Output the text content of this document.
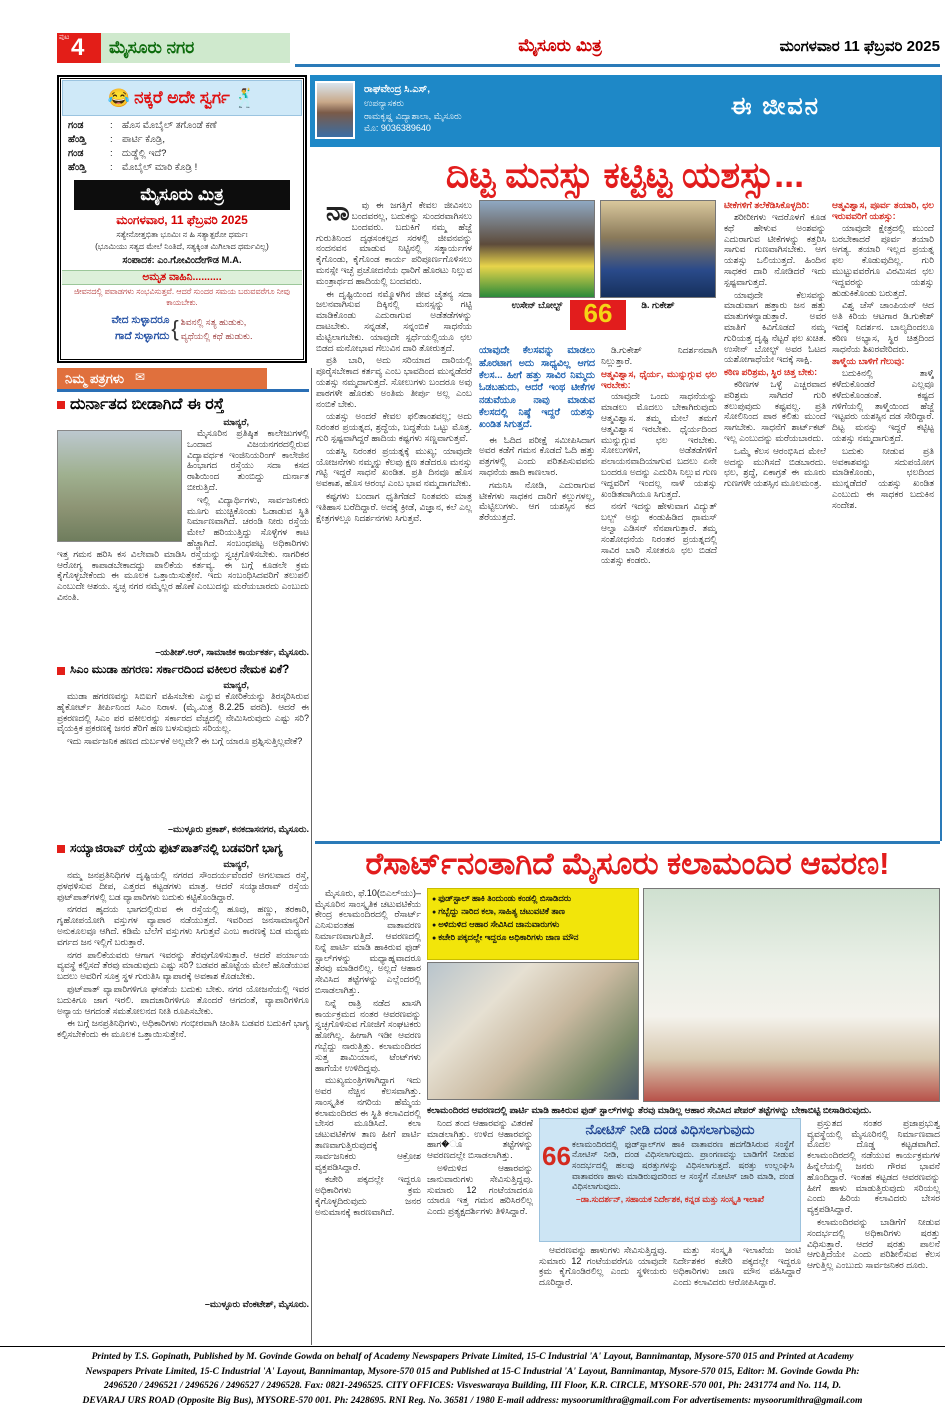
ಮೈಸೂರು ನಗರ
ಪುಟ 4	ಮೈಸೂರು ಮಿತ್ರ	ಮಂಗಳವಾರ 11 ಫೆಬ್ರವರಿ 2025
😂 ನಕ್ಕರೆ ಅದೇ ಸ್ವರ್ಗ 🕺
ಗಂಡ	: ಹೊಸ ಮೊಬೈಲ್ ತಗೊಂಡೆ ಕಣೆ
ಹೆಂಡ್ತಿ	: ಪಾರ್ಟಿ ಕೊಡ್ರಿ,
ಗಂಡ	: ದುಡ್ಡೆಲ್ಲಿ ಇದೆ?
ಹೆಂಡ್ತಿ	: ಮೊಬೈಲ್ ಮಾರಿ ಕೊಡ್ರಿ !
ಮೈಸೂರು ಮಿತ್ರ
ಮಂಗಳವಾರ, 11 ಫೆಬ್ರವರಿ 2025
ಸತ್ಯೇನೋತ್ತಭಿತಾ ಭೂಮಿಃ ನ ಹಿ ಸತ್ಯಾತ್ಪರೋ ಧರ್ಮಃ
(ಭೂಮಿಯು ಸತ್ಯದ ಮೇಲೆ ನಿಂತಿದೆ, ಸತ್ಯಕ್ಕಿಂತ ಮಿಗಿಲಾದ ಧರ್ಮವಿಲ್ಲ)
ಸಂಪಾದಕ: ಎಂ.ಗೋವಿಂದೇಗೌಡ M.A.
ಅಮೃತ ವಾಹಿನಿ..........
ಜೀವನದಲ್ಲಿ ಪವಾಡಗಳು ಸಂಭವಿಸುತ್ತವೆ. ಆದರೆ ಸುಂದರ ಸಮಯ ಬರುವವರೆಗೂ ನೀವು ಕಾಯಬೇಕು.
ವೇದ ಸುಳ್ಳಾದರೂ
ಗಾದೆ ಸುಳ್ಳಾಗದು { ಶಿವನಲ್ಲಿ ಸತ್ಯ ಹುಡುಕು,
ವ್ಯಥೆಯಲ್ಲಿ ಕಥೆ ಹುಡುಕು.
ರಾಘವೇಂದ್ರ ಸಿ.ಎಸ್,
ಉಪನ್ಯಾಸಕರು
ರಾಮಕೃಷ್ಣ ವಿದ್ಯಾಶಾಲಾ, ಮೈಸೂರು
ಮೊ: 9036389640
ಈ ಜೀವನ
ದಿಟ್ಟ ಮನಸ್ಸು ಕಟ್ಟಿಟ್ಟ ಯಶಸ್ಸು...

ನಾವು ಈ ಜಗತ್ತಿಗೆ ಕೇವಲ ಜೀವಿಸಲು ಬಂದವರಲ್ಲ, ಬದುಕನ್ನು ಸುಂದರವಾಗಿಸಲು ಬಂದವರು. ಬದುಕಿಗೆ ನಮ್ಮ ಹೆಜ್ಜೆ ಗುರುತಿನಿಂದ ದೃಢಸಂಕಲ್ಪದ ಸರಳಲ್ಲಿ ಜೀವನವನ್ನು ನಂದನವನ ಮಾಡುವ ನಿಟ್ಟಿನಲ್ಲಿ ಸತ್ಕಾರ್ಯಗಳ ಕೈಗೊಂಡು, ಕೈಗೊಂಡ ಕಾರ್ಯ ಪರಿಪೂರ್ಣಗೊಳಿಸಲು ಮನಸ್ಸೇ ಇಚ್ಛೆ ಪ್ರಚೋದನೆಯ ಧಾರಿಗೆ ಹೊರಟು ನಿಲ್ಲುವ ಮಂತ್ರಾರ್ಥದ ಹಾದಿಯಲ್ಲಿ ಬಂದವರು.

ಈ ದೃಷ್ಟಿಯಿಂದ ನಮ್ಮೊಳಗಿನ ಜೀವ ಚೈತನ್ಯ ಸದಾ ಜಲನವಾಗಿಸುವ ದಿಕ್ಕಿನಲ್ಲಿ ಮನಸ್ಸನ್ನು ಗಟ್ಟಿ ಮಾಡಿಕೊಂಡು ಎದುರಾಗುವ ಅಡೆತಡೆಗಳನ್ನು ದಾಟಬೇಕು. ಸನ್ನಡತೆ, ಸನ್ನಂಬಿಕೆ ಸಾಧನೆಯ ಮೆಟ್ಟಿಲಾಗಬೇಕು. ಯಾವುದೇ ಸ್ಪರ್ಧೆಯಲ್ಲಿಯೂ ಛಲ ಬಿಡದ ಮನೋಭಾವ ಗೆಲುವಿನ ದಾರಿ ತೋರುತ್ತದೆ.

ಪ್ರತಿ ಬಾರಿ, ಅದು ಸರಿಯಾದ ದಾರಿಯಲ್ಲಿ ಪೂರೈಸಬೇಕಾದ ಕರ್ತವ್ಯ ಎಂಬ ಭಾವದಿಂದ ಮುನ್ನಡೆದರೆ ಯಶಸ್ಸು ನಮ್ಮದಾಗುತ್ತದೆ. ಸೋಲುಗಳು ಬಂದರೂ ಅವು ಪಾಠಗಳೇ ಹೊರತು ಅಂತಿಮ ತೀರ್ಪು ಅಲ್ಲ ಎಂಬ ನಂಬಿಕೆ ಬೇಕು.

ಯಶಸ್ಸು ಅಂದರೆ ಕೇವಲ ಫಲಿತಾಂಶವಲ್ಲ; ಅದು ನಿರಂತರ ಪ್ರಯತ್ನದ, ಶ್ರದ್ಧೆಯ, ಬದ್ಧತೆಯ ಒಟ್ಟು ಮೊತ್ತ. ಗುರಿ ಸ್ಪಷ್ಟವಾಗಿದ್ದರೆ ಹಾದಿಯ ಕಷ್ಟಗಳು ಸಣ್ಣವಾಗುತ್ತವೆ.

ಯಶಸ್ವಿ ನಿರಂತರ ಪ್ರಯತ್ನಕ್ಕೆ ಮುಖ್ಯ; ಯಾವುದೇ ಯೋಜನೆಗಳು ನಮ್ಮನ್ನು ಕೆಲವು ಕ್ಷಣ ತಡೆದರೂ ಮನಸ್ಸು ಗಟ್ಟಿ ಇದ್ದರೆ ಸಾಧನೆ ಖಂಡಿತ. ಪ್ರತಿ ದಿನವೂ ಹೊಸ ಅವಕಾಶ, ಹೊಸ ಆರಂಭ ಎಂಬ ಭಾವ ನಮ್ಮದಾಗಬೇಕು.

ಕಷ್ಟಗಳು ಬಂದಾಗ ಧೃತಿಗೆಡದೆ ನಿಂತವರು ಮಾತ್ರ ಇತಿಹಾಸ ಬರೆದಿದ್ದಾರೆ. ಅದಕ್ಕೆ ಕ್ರೀಡೆ, ವಿಜ್ಞಾನ, ಕಲೆ ಎಲ್ಲ ಕ್ಷೇತ್ರಗಳಲ್ಲೂ ನಿದರ್ಶನಗಳು ಸಿಗುತ್ತವೆ.

ಉಸೇನ್ ಬೋಲ್ಟ್	ಡಿ. ಗುಕೇಶ್
66

ಯಾವುದೇ ಕೆಲಸವನ್ನು ಮಾಡಲು ಹೊರಟಾಗ ಅದು ಸಾಧ್ಯವಿಲ್ಲ ಆಗದ ಕೆಲಸ... ಹೀಗೆ ಹತ್ತು ಸಾವಿರ ನಿಮ್ಮದು ಓಡಬಹುದು, ಆದರೆ ಇಂಥ ಟೀಕೆಗಳ ನಡುವೆಯೂ ನಾವು ಮಾಡುವ ಕೆಲಸದಲ್ಲಿ ನಿಷ್ಠೆ ಇದ್ದರೆ ಯಶಸ್ಸು ಖಂಡಿತ ಸಿಗುತ್ತದೆ.

ಈ ಓದಿದ ಪರೀಕ್ಷೆ ಸಮೀಪಿಸಿದಾಗ ಅವರ ಕಡೆಗೆ ಗಮನ ಕೊಡದೆ ಓದಿ ಹತ್ತು ಪತ್ರಗಳಲ್ಲಿ ಎಂದು ಪರಿತಪಿಸುವವನು ಸಾಧನೆಯ ಹಾದಿ ಕಾಣಲಾರ.

ಗಮನಿಸಿ ನೋಡಿ, ಎದುರಾಗುವ ಟೀಕೆಗಳು ಸಾಧಕನ ದಾರಿಗೆ ಕಲ್ಲುಗಳಲ್ಲ, ಮೆಟ್ಟಿಲುಗಳು. ಆಗ ಯಶಸ್ಸಿನ ಕದ ತೆರೆಯುತ್ತದೆ.

ಡಿ.ಗುಕೇಶ್ ನಿದರ್ಶನವಾಗಿ ನಿಲ್ಲುತ್ತಾರೆ.

ಆತ್ಮವಿಶ್ವಾಸ, ಧೈರ್ಯ, ಮುನ್ನುಗ್ಗುವ ಛಲ ಇರಬೇಕು:

ಯಾವುದೇ ಒಂದು ಸಾಧನೆಯನ್ನು ಮಾಡಲು ಮೊದಲು ಬೇಕಾಗಿರುವುದು ಆತ್ಮವಿಶ್ವಾಸ. ತಮ್ಮ ಮೇಲೆ ತಮಗೆ ಆತ್ಮವಿಶ್ವಾಸ ಇರಬೇಕು. ಧೈರ್ಯದಿಂದ ಮುನ್ನುಗ್ಗುವ ಛಲ ಇರಬೇಕು. ಸೋಲುಗಳಿಗೆ, ಅಡೆತಡೆಗಳಿಗೆ ಪಲಾಯನವಾದಿಯಾಗುವ ಬದಲು ಏನೇ ಬಂದರೂ ಅದನ್ನು ಎದುರಿಸಿ ನಿಲ್ಲುವ ಗುಣ ಇದ್ದವರಿಗೆ ಇಂದಲ್ಲ ನಾಳೆ ಯಶಸ್ಸು ಖಂಡಿತವಾಗಿಯೂ ಸಿಗುತ್ತದೆ.

ನನಗೆ ಇದನ್ನು ಹೇಳುವಾಗ ವಿದ್ಯುತ್ ಬಲ್ಬ್ ಅನ್ನು ಕಂಡುಹಿಡಿದ ಥಾಮಸ್ ಆಲ್ವಾ ಎಡಿಸನ್ ನೆನಪಾಗುತ್ತಾರೆ. ತಮ್ಮ ಸಂಶೋಧನೆಯ ನಿರಂತರ ಪ್ರಯತ್ನದಲ್ಲಿ ಸಾವಿರ ಬಾರಿ ಸೋತರೂ ಛಲ ಬಿಡದೆ ಯಶಸ್ಸು ಕಂಡರು.

ಟೀಕೆಗಳಿಗೆ ತಲೆಕೆಡಿಸಿಕೊಳ್ಳದಿರಿ:

ಶರೀರೀಗಳು ಇದರೊಳಗೆ ಕೂಡ ಕಥೆ ಹೇಳುವ ಅಂಶವನ್ನು ಎದುರಾಗುವ ಟೀಕೆಗಳನ್ನು ಕತ್ತರಿಸಿ ಸಾಗುವ ಗುಣವಾಗಿಸಬೇಕು. ಆಗ ಯಶಸ್ಸು ಒಲಿಯುತ್ತದೆ. ಹಿಂದಿನ ಸಾಧಕರ ದಾರಿ ನೋಡಿದರೆ ಇದು ಸ್ಪಷ್ಟವಾಗುತ್ತದೆ.

ಯಾವುದೇ ಕೆಲಸವನ್ನು ಮಾಡುವಾಗ ಹತ್ತಾರು ಜನ ಹತ್ತು ಮಾತುಗಳನ್ನಾಡುತ್ತಾರೆ. ಅವರ ಮಾತಿಗೆ ಕಿವಿಗೊಡದೆ ನಮ್ಮ ಗುರಿಯತ್ತ ದೃಷ್ಟಿ ನೆಟ್ಟರೆ ಫಲ ಖಚಿತ. ಉಸೇನ್ ಬೋಲ್ಟ್ ಅವರ ಓಟದ ಯಶೋಗಾಥೆಯೇ ಇದಕ್ಕೆ ಸಾಕ್ಷಿ.

ಕಠಿಣ ಪರಿಶ್ರಮ, ಸ್ಥಿರ ಚಿತ್ತ ಬೇಕು:

ಕಠಿಣಗಳ ಒಳ್ಳೆ ಎಚ್ಚರವಾದ ಪರಿಶ್ರಮ ಸಾಗಿದರೆ ಗುರಿ ತಲುಪುವುದು ಕಷ್ಟವಲ್ಲ. ಪ್ರತಿ ಸೋಲಿನಿಂದ ಪಾಠ ಕಲಿತು ಮುಂದೆ ಸಾಗಬೇಕು. ಸಾಧನೆಗೆ ಶಾರ್ಟ್‌ಕಟ್ ಇಲ್ಲ ಎಂಬುದನ್ನು ಮರೆಯಬಾರದು.

ಒಮ್ಮೆ ಕೆಲಸ ಆರಂಭಿಸಿದ ಮೇಲೆ ಅದನ್ನು ಮುಗಿಸದೆ ಬಿಡಬಾರದು. ಛಲ, ಶ್ರದ್ಧೆ, ಏಕಾಗ್ರತೆ ಈ ಮೂರು ಗುಣಗಳೇ ಯಶಸ್ಸಿನ ಮೂಲಮಂತ್ರ.

ಆತ್ಮವಿಶ್ವಾಸ, ಪೂರ್ವ ತಯಾರಿ, ಛಲ ಇರುವವರಿಗೆ ಯಶಸ್ಸು:

ಯಾವುದೇ ಕ್ಷೇತ್ರದಲ್ಲಿ ಮುಂದೆ ಬರಬೇಕಾದರೆ ಪೂರ್ವ ತಯಾರಿ ಅಗತ್ಯ. ತಯಾರಿ ಇಲ್ಲದ ಪ್ರಯತ್ನ ಫಲ ಕೊಡುವುದಿಲ್ಲ. ಗುರಿ ಮುಟ್ಟುವವರೆಗೂ ವಿರಮಿಸದ ಛಲ ಇದ್ದವರನ್ನು ಯಶಸ್ಸು ಹುಡುಕಿಕೊಂಡು ಬರುತ್ತದೆ.

ವಿಶ್ವ ಚೆಸ್ ಚಾಂಪಿಯನ್ ಆದ ಅತಿ ಕಿರಿಯ ಆಟಗಾರ ಡಿ.ಗುಕೇಶ್ ಇದಕ್ಕೆ ನಿದರ್ಶನ. ಬಾಲ್ಯದಿಂದಲೂ ಕಠಿಣ ಅಭ್ಯಾಸ, ಸ್ಥಿರ ಚಿತ್ತದಿಂದ ಸಾಧನೆಯ ಶಿಖರವೇರಿದರು.

ತಾಳ್ಮೆಯ ಬಾಳಿಗೆ ಗೆಲುವು:

ಬದುಕಿನಲ್ಲಿ ತಾಳ್ಮೆ ಕಳೆದುಕೊಂಡರೆ ಎಲ್ಲವೂ ಕಳೆದುಕೊಂಡಂತೆ. ಕಷ್ಟದ ಗಳಿಗೆಯಲ್ಲಿ ತಾಳ್ಮೆಯಿಂದ ಹೆಜ್ಜೆ ಇಟ್ಟವರು ಯಶಸ್ಸಿನ ದಡ ಸೇರಿದ್ದಾರೆ. ದಿಟ್ಟ ಮನಸ್ಸು ಇದ್ದರೆ ಕಟ್ಟಿಟ್ಟ ಯಶಸ್ಸು ನಮ್ಮದಾಗುತ್ತದೆ.

ಬದುಕು ನೀಡುವ ಪ್ರತಿ ಅವಕಾಶವನ್ನು ಸದುಪಯೋಗ ಮಾಡಿಕೊಂಡು, ಛಲದಿಂದ ಮುನ್ನಡೆದರೆ ಯಶಸ್ಸು ಖಂಡಿತ ಎಂಬುದು ಈ ಸಾಧಕರ ಬದುಕಿನ ಸಂದೇಶ.

ನಿಮ್ಮ ಪತ್ರಗಳು ✉
ದುರ್ನಾತದ ಬೀಡಾಗಿದೆ ಈ ರಸ್ತೆ
ಮಾನ್ಯರೆ,

ಮೈಸೂರಿನ ಪ್ರತಿಷ್ಠಿತ ಕಾಲೇಜುಗಳಲ್ಲಿ ಒಂದಾದ ವಿಜಯನಗರದಲ್ಲಿರುವ ವಿದ್ಯಾವರ್ಧಕ ಇಂಜಿನಿಯರಿಂಗ್ ಕಾಲೇಜಿನ ಹಿಂಭಾಗದ ರಸ್ತೆಯು ಸದಾ ಕಸದ ರಾಶಿಯಿಂದ ತುಂಬಿದ್ದು ದುರ್ನಾತ ಬೀರುತ್ತಿದೆ.

ಇಲ್ಲಿ ವಿದ್ಯಾರ್ಥಿಗಳು, ಸಾರ್ವಜನಿಕರು ಮೂಗು ಮುಚ್ಚಿಕೊಂಡು ಓಡಾಡುವ ಸ್ಥಿತಿ ನಿರ್ಮಾಣವಾಗಿದೆ. ಚರಂಡಿ ನೀರು ರಸ್ತೆಯ ಮೇಲೆ ಹರಿಯುತ್ತಿದ್ದು ಸೊಳ್ಳೆಗಳ ಕಾಟ ಹೆಚ್ಚಾಗಿದೆ. ಸಂಬಂಧಪಟ್ಟ ಅಧಿಕಾರಿಗಳು ಇತ್ತ ಗಮನ ಹರಿಸಿ ಕಸ ವಿಲೇವಾರಿ ಮಾಡಿಸಿ ರಸ್ತೆಯನ್ನು ಸ್ವಚ್ಛಗೊಳಿಸಬೇಕು. ನಾಗರಿಕರ ಆರೋಗ್ಯ ಕಾಪಾಡಬೇಕಾದದ್ದು ಪಾಲಿಕೆಯ ಕರ್ತವ್ಯ. ಈ ಬಗ್ಗೆ ಕೂಡಲೇ ಕ್ರಮ ಕೈಗೊಳ್ಳಬೇಕೆಂದು ಈ ಮೂಲಕ ಒತ್ತಾಯಿಸುತ್ತೇನೆ. ಇದು ಸಂಬಂಧಿಸಿದವರಿಗೆ ತಲುಪಲಿ ಎಂಬುದೇ ಆಶಯ. ಸ್ವಚ್ಛ ನಗರ ನಮ್ಮೆಲ್ಲರ ಹೊಣೆ ಎಂಬುದನ್ನು ಮರೆಯಬಾರದು ಎಂಬುದು ವಿನಂತಿ.

–ಯತೀಶ್.ಆರ್, ಸಾಮಾಜಿಕ ಕಾರ್ಯಕರ್ತ, ಮೈಸೂರು.
ಸಿಎಂ ಮುಡಾ ಹಗರಣ: ಸರ್ಕಾರದಿಂದ ವಕೀಲರ ನೇಮಕ ಏಕೆ?
ಮಾನ್ಯರೆ,

ಮುಡಾ ಹಗರಣವನ್ನು ಸಿಬಿಐಗೆ ವಹಿಸಬೇಕು ಎನ್ನುವ ಕೋರಿಕೆಯನ್ನು ತಿರಸ್ಕರಿಸಿರುವ ಹೈಕೋರ್ಟ್ ತೀರ್ಪಿನಿಂದ ಸಿಎಂ ನಿರಾಳ. (ಮೈ.ಮಿತ್ರ 8.2.25 ವರದಿ). ಆದರೆ ಈ ಪ್ರಕರಣದಲ್ಲಿ ಸಿಎಂ ಪರ ವಕೀಲರನ್ನು ಸರ್ಕಾರದ ವೆಚ್ಚದಲ್ಲಿ ನೇಮಿಸಿರುವುದು ಎಷ್ಟು ಸರಿ? ವೈಯಕ್ತಿಕ ಪ್ರಕರಣಕ್ಕೆ ಜನರ ತೆರಿಗೆ ಹಣ ಬಳಸುವುದು ಸರಿಯಲ್ಲ.

ಇದು ಸಾರ್ವಜನಿಕ ಹಣದ ದುರ್ಬಳಕೆ ಅಲ್ಲವೇ? ಈ ಬಗ್ಗೆ ಯಾರೂ ಪ್ರಶ್ನಿಸುತ್ತಿಲ್ಲವೇಕೆ?

–ಮುಳ್ಳೂರು ಪ್ರಕಾಶ್, ಕನಕದಾಸನಗರ, ಮೈಸೂರು.
ಸಯ್ಯಾಜಿರಾವ್ ರಸ್ತೆಯ ಫುಟ್‌ಪಾತ್‌ನಲ್ಲಿ ಬಡವರಿಗೆ ಭಾಗ್ಯ
ಮಾನ್ಯರೆ,

ನಮ್ಮ ಜನಪ್ರತಿನಿಧಿಗಳ ದೃಷ್ಟಿಯಲ್ಲಿ ನಗರದ ಸೌಂದರ್ಯವೆಂದರೆ ಅಗಲವಾದ ರಸ್ತೆ, ಥಳಥಳಿಸುವ ದೀಪ, ಎತ್ತರದ ಕಟ್ಟಡಗಳು ಮಾತ್ರ. ಆದರೆ ಸಯ್ಯಾಜಿರಾವ್ ರಸ್ತೆಯ ಫುಟ್‌ಪಾತ್‌ಗಳಲ್ಲಿ ಬಡ ವ್ಯಾಪಾರಿಗಳು ಬದುಕು ಕಟ್ಟಿಕೊಂಡಿದ್ದಾರೆ.

ನಗರದ ಹೃದಯ ಭಾಗದಲ್ಲಿರುವ ಈ ರಸ್ತೆಯಲ್ಲಿ ಹೂವು, ಹಣ್ಣು, ತರಕಾರಿ, ಗೃಹೋಪಯೋಗಿ ವಸ್ತುಗಳ ವ್ಯಾಪಾರ ನಡೆಯುತ್ತದೆ. ಇವರಿಂದ ಜನಸಾಮಾನ್ಯರಿಗೆ ಅನುಕೂಲವೂ ಆಗಿದೆ. ಕಡಿಮೆ ಬೆಲೆಗೆ ವಸ್ತುಗಳು ಸಿಗುತ್ತವೆ ಎಂಬ ಕಾರಣಕ್ಕೆ ಬಡ ಮಧ್ಯಮ ವರ್ಗದ ಜನ ಇಲ್ಲಿಗೆ ಬರುತ್ತಾರೆ.

ನಗರ ಪಾಲಿಕೆಯವರು ಆಗಾಗ ಇವರನ್ನು ತೆರವುಗೊಳಿಸುತ್ತಾರೆ. ಆದರೆ ಪರ್ಯಾಯ ವ್ಯವಸ್ಥೆ ಕಲ್ಪಿಸದೆ ತೆರವು ಮಾಡುವುದು ಎಷ್ಟು ಸರಿ? ಬಡವರ ಹೊಟ್ಟೆಯ ಮೇಲೆ ಹೊಡೆಯುವ ಬದಲು ಅವರಿಗೆ ಸೂಕ್ತ ಸ್ಥಳ ಗುರುತಿಸಿ ವ್ಯಾಪಾರಕ್ಕೆ ಅವಕಾಶ ಕೊಡಬೇಕು.

ಫುಟ್‌ಪಾತ್ ವ್ಯಾಪಾರಿಗಳಿಗೂ ಘನತೆಯ ಬದುಕು ಬೇಕು. ನಗರ ಯೋಜನೆಯಲ್ಲಿ ಇವರ ಬದುಕಿಗೂ ಜಾಗ ಇರಲಿ. ಪಾದಚಾರಿಗಳಿಗೂ ತೊಂದರೆ ಆಗದಂತೆ, ವ್ಯಾಪಾರಿಗಳಿಗೂ ಅನ್ಯಾಯ ಆಗದಂತೆ ಸಮತೋಲನದ ನೀತಿ ರೂಪಿಸಬೇಕು.

ಈ ಬಗ್ಗೆ ಜನಪ್ರತಿನಿಧಿಗಳು, ಅಧಿಕಾರಿಗಳು ಗಂಭೀರವಾಗಿ ಚಿಂತಿಸಿ ಬಡವರ ಬದುಕಿಗೆ ಭಾಗ್ಯ ಕಲ್ಪಿಸಬೇಕೆಂದು ಈ ಮೂಲಕ ಒತ್ತಾಯಿಸುತ್ತೇನೆ.

–ಮುಳ್ಳೂರು ವೆಂಕಟೇಶ್, ಮೈಸೂರು.
ರೆಸಾರ್ಟ್‌ನಂತಾಗಿದೆ ಮೈಸೂರು ಕಲಾಮಂದಿರ ಆವರಣ!

ಮೈಸೂರು, ಫೆ.10(ಬಿಎಲ್‌ಯು)– ಮೈಸೂರಿನ ಸಾಂಸ್ಕೃತಿಕ ಚಟುವಟಿಕೆಯ ಕೇಂದ್ರ ಕಲಾಮಂದಿರದಲ್ಲಿ ರೆಸಾರ್ಟ್ ಎನಿಸುವಂತಹ ವಾತಾವರಣ ನಿರ್ಮಾಣವಾಗುತ್ತಿದೆ. ಆವರಣದಲ್ಲಿ ನಿನ್ನೆ ಪಾರ್ಟಿ ಮಾಡಿ ಹಾಕಿರುವ ಫುಡ್ ಸ್ಟಾಲ್‌ಗಳನ್ನು ಮಧ್ಯಾಹ್ನವಾದರೂ ತೆರವು ಮಾಡಿರಲಿಲ್ಲ. ಅಲ್ಲದೆ ಆಹಾರ ಸೇವಿಸಿದ ತಟ್ಟೆಗಳನ್ನು ಎಲ್ಲೆಂದರಲ್ಲಿ ಬಿಸಾಡಲಾಗಿತ್ತು.

ನಿನ್ನೆ ರಾತ್ರಿ ನಡೆದ ಖಾಸಗಿ ಕಾರ್ಯಕ್ರಮದ ನಂತರ ಆವರಣವನ್ನು ಸ್ವಚ್ಛಗೊಳಿಸುವ ಗೋಜಿಗೆ ಸಂಘಟಕರು ಹೋಗಿಲ್ಲ. ಹೀಗಾಗಿ ಇಡೀ ಆವರಣ ಗಬ್ಬೆದ್ದು ನಾರುತ್ತಿತ್ತು. ಕಲಾಮಂದಿರದ ಸುತ್ತ ಶಾಮಿಯಾನ, ಟೆಂಟ್‌ಗಳು ಹಾಗೆಯೇ ಉಳಿದಿದ್ದವು.

ಮುಖ್ಯಮಂತ್ರಿಗಳಾಗಿದ್ದಾಗ ಇದು ಅವರ ನೆಚ್ಚಿನ ಕೆಲಸವಾಗಿತ್ತು. ಸಾಂಸ್ಕೃತಿಕ ನಗರಿಯ ಹೆಮ್ಮೆಯ ಕಲಾಮಂದಿರದ ಈ ಸ್ಥಿತಿ ಕಲಾವಿದರಲ್ಲಿ ಬೇಸರ ಮೂಡಿಸಿದೆ. ಕಲಾ ಚಟುವಟಿಕೆಗಳ ತಾಣ ಹೀಗೆ ಪಾರ್ಟಿ ತಾಣವಾಗುತ್ತಿರುವುದಕ್ಕೆ ಸಾರ್ವಜನಿಕರು ಆಕ್ರೋಶ ವ್ಯಕ್ತಪಡಿಸಿದ್ದಾರೆ.

ಕಚೇರಿ ಪಕ್ಕದಲ್ಲೇ ಇದ್ದರೂ ಅಧಿಕಾರಿಗಳು ಕ್ರಮ ಕೈಗೊಳ್ಳದಿರುವುದು ಜನರ ಅನುಮಾನಕ್ಕೆ ಕಾರಣವಾಗಿದೆ.

● ಫುಡ್‌ಸ್ಟಾಲ್ ಹಾಕಿ ತಿಂದುಂಡು ಕಂಡಲ್ಲಿ ಬಿಸಾಡಿದರು

● ಗಬ್ಬೆದ್ದು ನಾರಿದ ಕಲಾ, ಸಾಹಿತ್ಯ ಚಟುವಟಿಕೆ ತಾಣ

● ಅಳಿದುಳಿದ ಆಹಾರ ಸೇವಿಸಿದ ಜಾನುವಾರುಗಳು

● ಕಚೇರಿ ಪಕ್ಕದಲ್ಲೇ ಇದ್ದರೂ ಅಧಿಕಾರಿಗಳು ಜಾಣ ಮೌನ

ಕಲಾಮಂದಿರದ ಆವರಣದಲ್ಲಿ ಪಾರ್ಟಿ ಮಾಡಿ ಹಾಕಿರುವ ಫುಡ್ ಸ್ಟಾಲ್‌ಗಳನ್ನು ತೆರವು ಮಾಡಿಲ್ಲ ಆಹಾರ ಸೇವಿಸಿದ ಪೇಪರ್ ತಟ್ಟೆಗಳನ್ನು ಬೇಕಾಬಿಟ್ಟಿ ಬೀಸಾಡಿರುವುದು.

ನಿಂದ ತಂದ ಆಹಾರವನ್ನು ವಿತರಣೆ ಮಾಡಲಾಗಿತ್ತು. ಉಳಿದ ಆಹಾರವನ್ನು ಹಾಗ�ೂ ತಟ್ಟೆಗಳನ್ನು ಆವರಣದಲ್ಲೇ ಬಿಸಾಡಲಾಗಿತ್ತು.

ಅಳಿದುಳಿದ ಆಹಾರವನ್ನು ಜಾನುವಾರುಗಳು ಸೇವಿಸುತ್ತಿದ್ದವು. ಸುಮಾರು 12 ಗಂಟೆಯಾದರೂ ಯಾರೂ ಇತ್ತ ಗಮನ ಹರಿಸಿರಲಿಲ್ಲ ಎಂದು ಪ್ರತ್ಯಕ್ಷದರ್ಶಿಗಳು ತಿಳಿಸಿದ್ದಾರೆ.

ನೋಟಿಸ್ ನೀಡಿ ದಂಡ ವಿಧಿಸಲಾಗುವುದು
66 ಕಲಾಮಂದಿರದಲ್ಲಿ ಫುಡ್‌ಸ್ಟಾಲ್‌ಗಳ ಹಾಕಿ ವಾತಾವರಣ ಹದಗೆಡಿಸಿರುವ ಸಂಸ್ಥೆಗೆ ನೋಟಿಸ್ ನೀಡಿ, ದಂಡ ವಿಧಿಸಲಾಗುವುದು. ಪ್ರಾಂಗಣವನ್ನು ಬಾಡಿಗೆಗೆ ನೀಡುವ ಸಂದರ್ಭದಲ್ಲಿ ಹಲವು ಷರತ್ತುಗಳನ್ನು ವಿಧಿಸಲಾಗುತ್ತದೆ. ಷರತ್ತು ಉಲ್ಲಂಘಿಸಿ ವಾತಾವರಣ ಹಾಳು ಮಾಡಿರುವುದರಿಂದ ಆ ಸಂಸ್ಥೆಗೆ ನೋಟಿಸ್ ಜಾರಿ ಮಾಡಿ, ದಂಡ ವಿಧಿಸಲಾಗುವುದು.
–ಡಾ.ಸುದರ್ಶನ್, ಸಹಾಯಕ ನಿರ್ದೇಶಕ, ಕನ್ನಡ ಮತ್ತು ಸಂಸ್ಕೃತಿ ಇಲಾಖೆ

ಆವರಣವನ್ನು ಹಾಳುಗಳು ಸೇವಿಸುತ್ತಿದ್ದವು. ಸುಮಾರು 12 ಗಂಟೆಯವರೆಗೂ ಯಾವುದೇ ಕ್ರಮ ಕೈಗೊಂಡಿರಲಿಲ್ಲ ಎಂದು ಸ್ಥಳೀಯರು ದೂರಿದ್ದಾರೆ.

ಮತ್ತು ಸಂಸ್ಕೃತಿ ಇಲಾಖೆಯ ಜಂಟಿ ನಿರ್ದೇಶಕರ ಕಚೇರಿ ಪಕ್ಕದಲ್ಲೇ ಇದ್ದರೂ ಅಧಿಕಾರಿಗಳು ಜಾಣ ಮೌನ ವಹಿಸಿದ್ದಾರೆ ಎಂದು ಕಲಾವಿದರು ಆರೋಪಿಸಿದ್ದಾರೆ.

ಪ್ರಸ್ತುತದ ನಂತರ ಪ್ರಜಾಪ್ರಭುತ್ವ ವ್ಯವಸ್ಥೆಯಲ್ಲಿ ಮೈಸೂರಿನಲ್ಲಿ ನಿರ್ಮಾಣವಾದ ಮೊದಲ ದೊಡ್ಡ ಕಟ್ಟಡವಾಗಿದೆ. ಕಲಾಮಂದಿರದಲ್ಲಿ ನಡೆಯುವ ಕಾರ್ಯಕ್ರಮಗಳ ಹಿನ್ನೆಲೆಯಲ್ಲಿ ಜನರು ಗೌರವ ಭಾವನೆ ಹೊಂದಿದ್ದಾರೆ. ಇಂತಹ ಕಟ್ಟಡದ ಆವರಣವನ್ನು ಹೀಗೆ ಹಾಳು ಮಾಡುತ್ತಿರುವುದು ಸರಿಯಲ್ಲ ಎಂದು ಹಿರಿಯ ಕಲಾವಿದರು ಬೇಸರ ವ್ಯಕ್ತಪಡಿಸಿದ್ದಾರೆ.

ಕಲಾಮಂದಿರವನ್ನು ಬಾಡಿಗೆಗೆ ನೀಡುವ ಸಂದರ್ಭದಲ್ಲಿ ಅಧಿಕಾರಿಗಳು ಷರತ್ತು ವಿಧಿಸುತ್ತಾರೆ. ಆದರೆ ಷರತ್ತು ಪಾಲನೆ ಆಗುತ್ತಿದೆಯೇ ಎಂದು ಪರಿಶೀಲಿಸುವ ಕೆಲಸ ಆಗುತ್ತಿಲ್ಲ ಎಂಬುದು ಸಾರ್ವಜನಿಕರ ದೂರು.

Printed by T.S. Gopinath, Published by M. Govinde Gowda on behalf of Academy Newspapers Private Limited, 15-C Industrial 'A' Layout, Bannimantap, Mysore-570 015 and Printed at Academy
Newspapers Private Limited, 15-C Industrial 'A' Layout, Bannimantap, Mysore-570 015 and Published at 15-C Industrial 'A' Layout, Bannimantap, Mysore-570 015, Editor: M. Govinde Gowda Ph:
2496520 / 2496521 / 2496526 / 2496527 / 2496528. Fax: 0821-2496525. CITY OFFICES: Visveswaraya Building, III Floor, K.R. CIRCLE, MYSORE-570 001, Ph: 2431774 and No. 114, D.
DEVARAJ URS ROAD (Opposite Big Bus), MYSORE-570 001. Ph: 2428695. RNI Reg. No. 36581 / 1980 E-mail address: mysoorumithra@gmail.com For advertisements: mysoorumithra@gmail.com
